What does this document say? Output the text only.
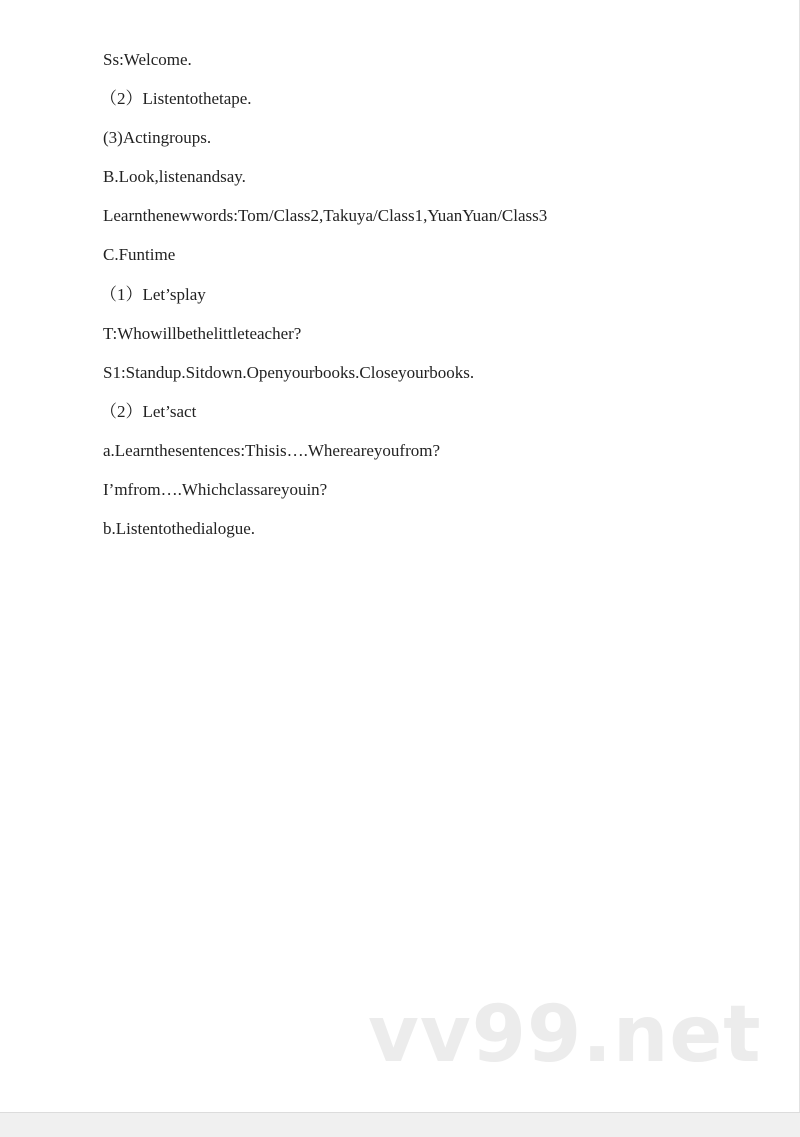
Ss:Welcome.

（2）Listentothetape.

(3)Actingroups.

B.Look,listenandsay.

Learnthenewwords:Tom/Class2,Takuya/Class1,YuanYuan/Class3

C.Funtime

（1）Let’splay

T:Whowillbethelittleteacher?

S1:Standup.Sitdown.Openyourbooks.Closeyourbooks.

（2）Let’sact

a.Learnthesentences:Thisis….Whereareyoufrom?

I’mfrom….Whichclassareyouin?

b.Listentothedialogue.

vv99.net
